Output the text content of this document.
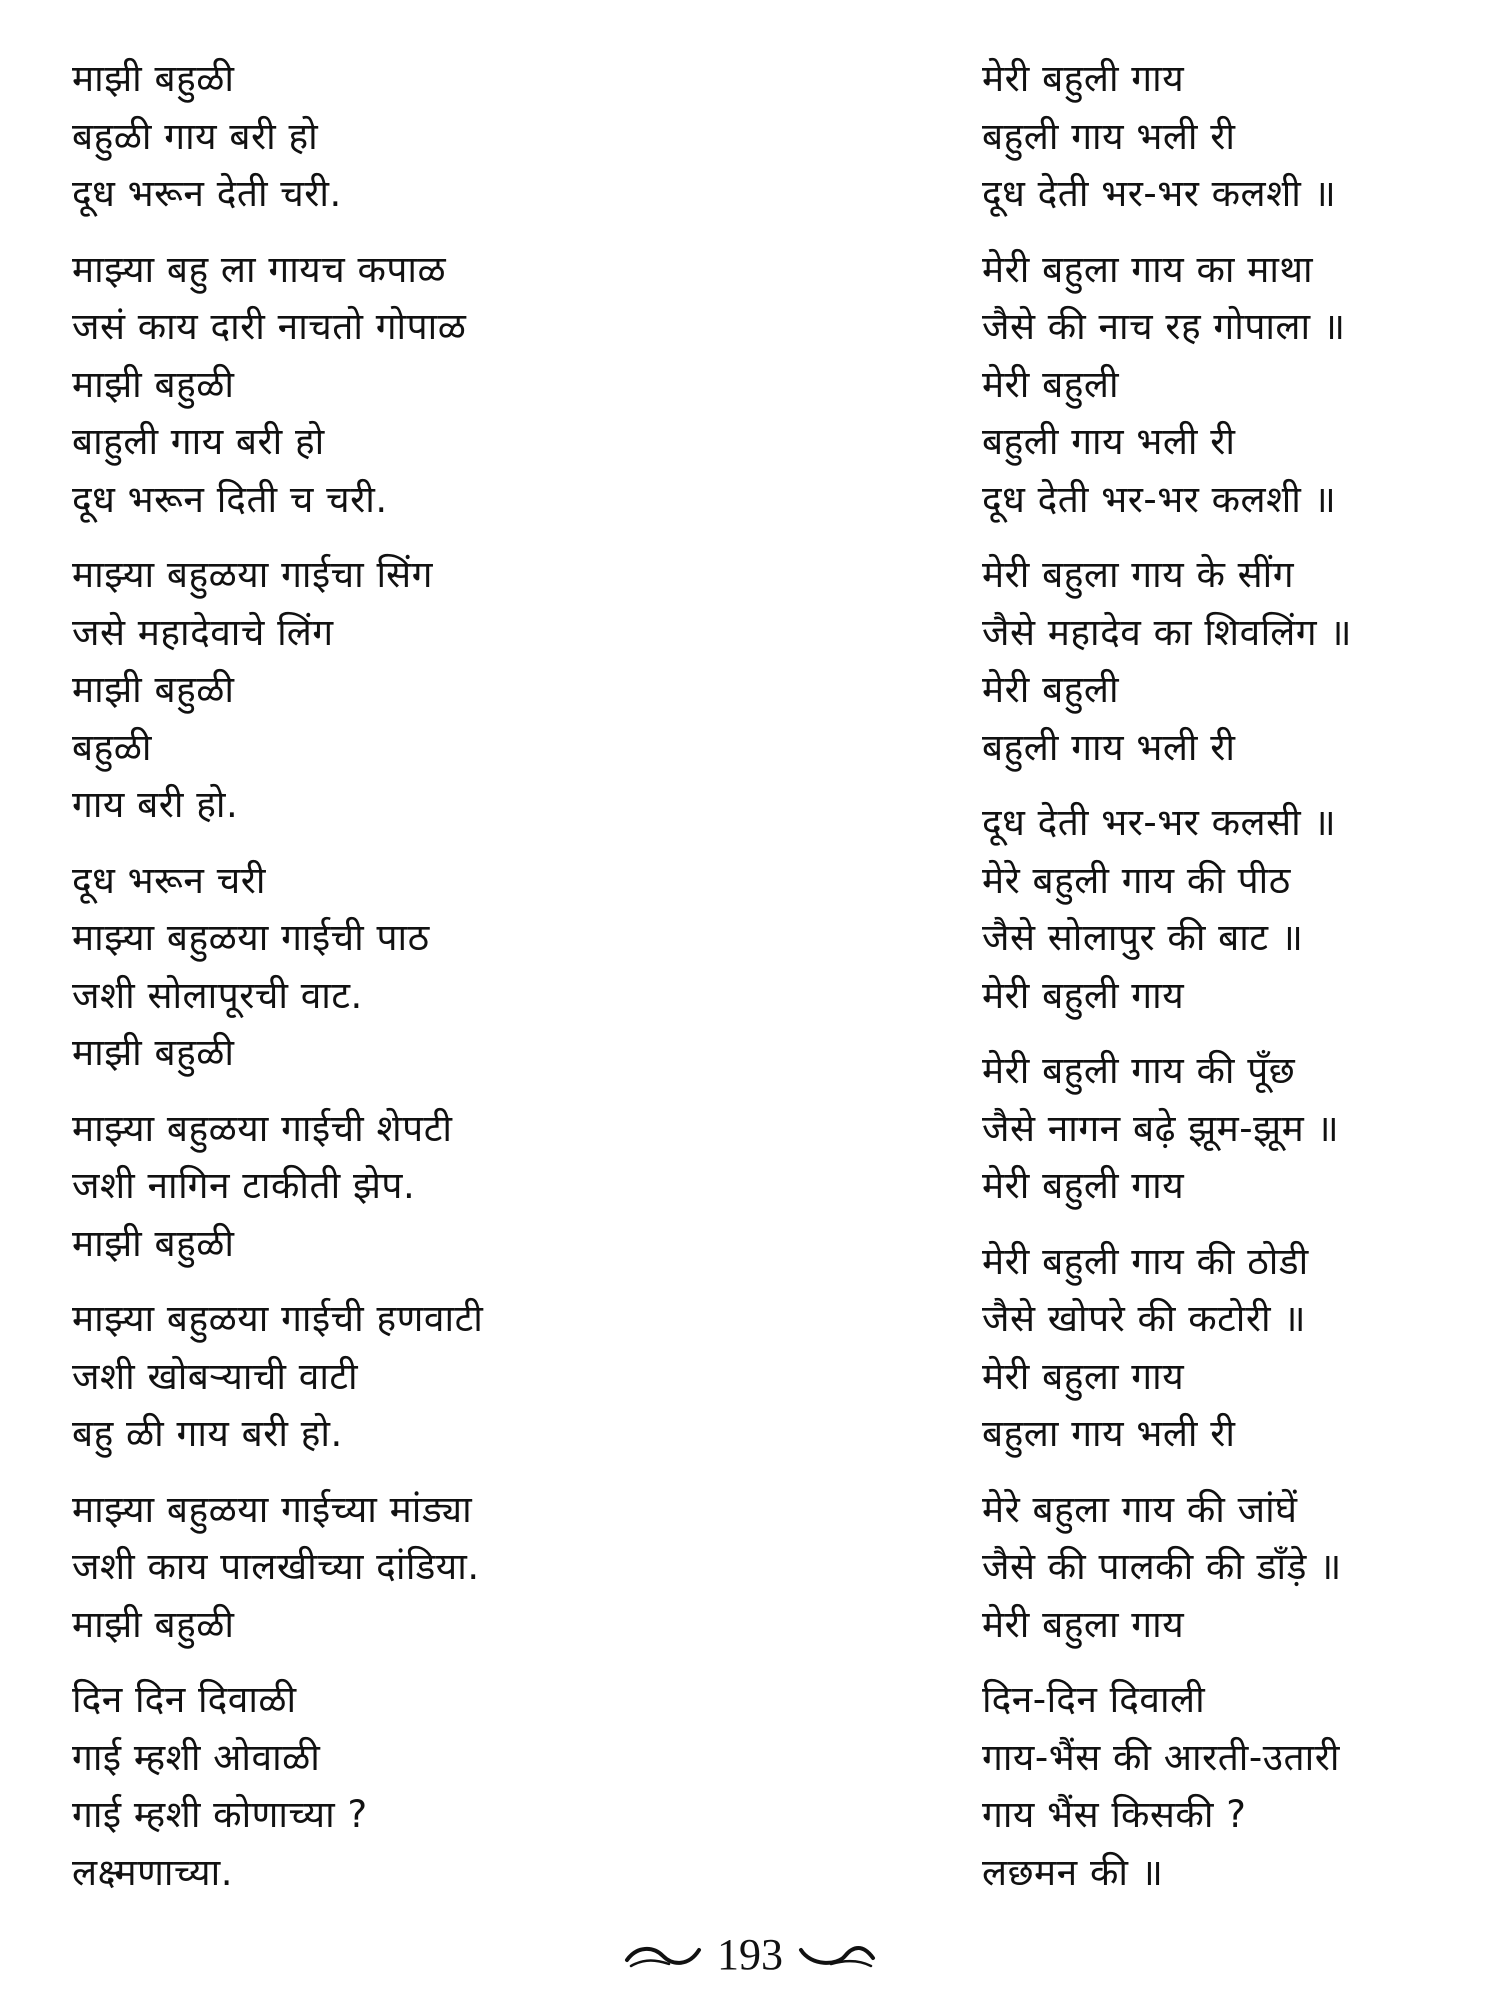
माझी बहुळी
बहुळी गाय बरी हो
दूध भरून देती चरी.
माझ्या बहु ला गायच कपाळ
जसं काय दारी नाचतो गोपाळ
माझी बहुळी
बाहुली गाय बरी हो
दूध भरून दिती च चरी.
माझ्या बहुळया गाईचा सिंग
जसे महादेवाचे लिंग
माझी बहुळी
बहुळी
गाय बरी हो.
दूध भरून चरी
माझ्या बहुळया गाईची पाठ
जशी सोलापूरची वाट.
माझी बहुळी
माझ्या बहुळया गाईची शेपटी
जशी नागिन टाकीती झेप.
माझी बहुळी
माझ्या बहुळया गाईची हणवाटी
जशी खोबऱ्याची वाटी
बहु ळी गाय बरी हो.
माझ्या बहुळया गाईच्या मांड्या
जशी काय पालखीच्या दांडिया.
माझी बहुळी
दिन दिन दिवाळी
गाई म्हशी ओवाळी
गाई म्हशी कोणाच्या ?
लक्ष्मणाच्या.
मेरी बहुली गाय
बहुली गाय भली री
दूध देती भर-भर कलशी ॥
मेरी बहुला गाय का माथा
जैसे की नाच रह गोपाला ॥
मेरी बहुली
बहुली गाय भली री
दूध देती भर-भर कलशी ॥
मेरी बहुला गाय के सींग
जैसे महादेव का शिवलिंग ॥
मेरी बहुली
बहुली गाय भली री
दूध देती भर-भर कलसी ॥
मेरे बहुली गाय की पीठ
जैसे सोलापुर की बाट ॥
मेरी बहुली गाय
मेरी बहुली गाय की पूँछ
जैसे नागन बढ़े झूम-झूम ॥
मेरी बहुली गाय
मेरी बहुली गाय की ठोडी
जैसे खोपरे की कटोरी ॥
मेरी बहुला गाय
बहुला गाय भली री
मेरे बहुला गाय की जांघें
जैसे की पालकी की डाँड़े ॥
मेरी बहुला गाय
दिन-दिन दिवाली
गाय-भैंस की आरती-उतारी
गाय भैंस किसकी ?
लछमन की ॥
193
